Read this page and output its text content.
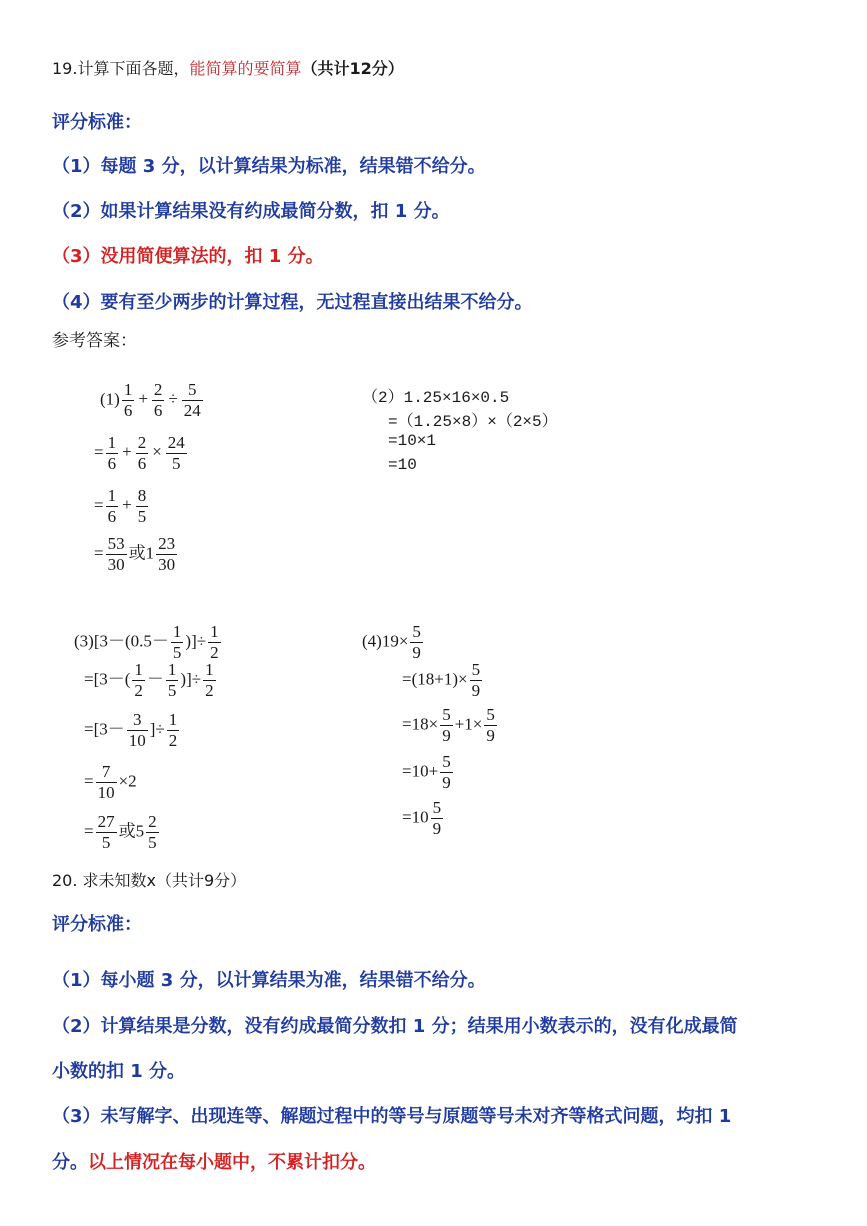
19.计算下面各题，能简算的要简算（共计12分）
评分标准：
（1）每题 3 分，以计算结果为标准，结果错不给分。
（2）如果计算结果没有约成最简分数，扣 1 分。
（3）没用简便算法的，扣 1 分。
（4）要有至少两步的计算过程，无过程直接出结果不给分。
参考答案：
$(1) \frac{1}{6} + \frac{2}{6} \div \frac{5}{24}$
= $\frac{1}{6} + \frac{2}{6} \times \frac{24}{5}$
= $\frac{1}{6} + \frac{8}{5}$
= $\frac{53}{30}$ 或$1 \frac{23}{30}$
（2）1.25×16×0.5
=（1.25×8）×（2×5）
=10×1
=10
$(3)[3-(0.5- \frac{1}{5}$ )]÷ $\frac{1}{2}$
$=[3-( \frac{1}{2} - \frac{1}{5}$ )]÷ $\frac{1}{2}$
$=[3- \frac{3}{10}$ ]÷ $\frac{1}{2}$
= $\frac{7}{10} \times 2$
= $\frac{27}{5}$ 或$5 \frac{2}{5}$
$(4)19\times \frac{5}{9}$
$=(18+1)\times \frac{5}{9}$
$=18\times \frac{5}{9} +1\times \frac{5}{9}$
$=10+ \frac{5}{9}$
$=10 \frac{5}{9}$
20. 求未知数x（共计9分）
评分标准：
（1）每小题 3 分，以计算结果为准，结果错不给分。
（2）计算结果是分数，没有约成最简分数扣 1 分；结果用小数表示的，没有化成最简
小数的扣 1 分。
（3）未写解字、出现连等、解题过程中的等号与原题等号未对齐等格式问题，均扣 1
分。以上情况在每小题中，不累计扣分。
